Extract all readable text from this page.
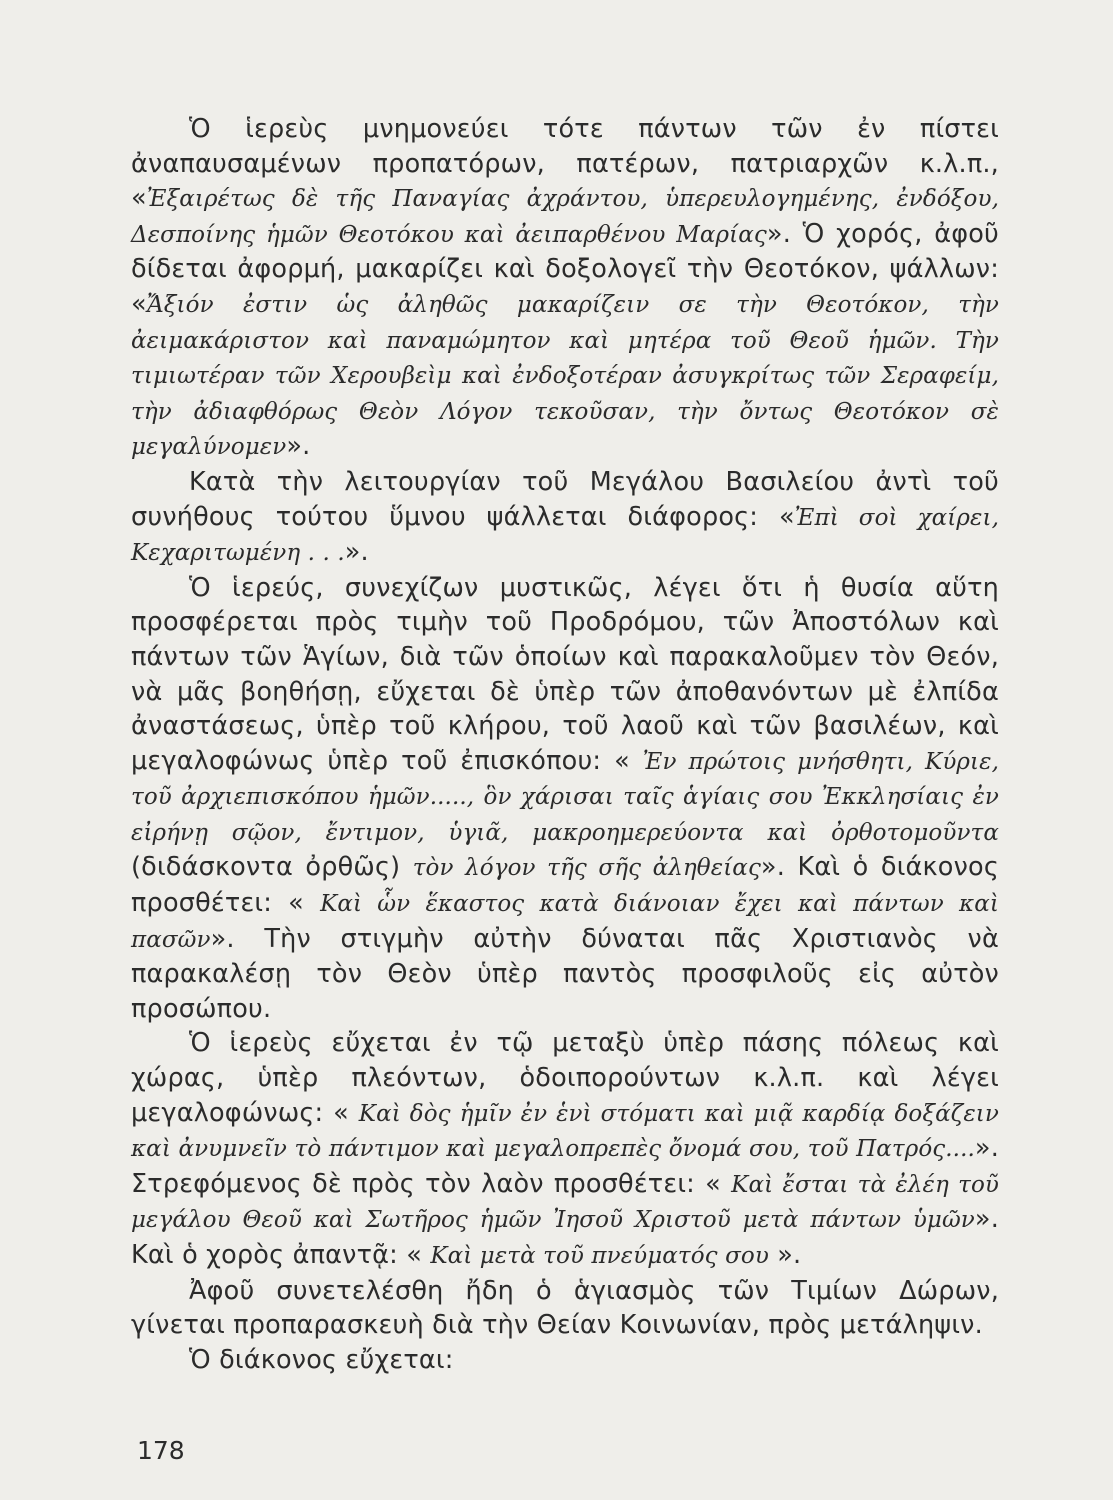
Ὁ ἱερεὺς μνημονεύει τότε πάντων τῶν ἐν πίστει ἀναπαυσαμένων προπατόρων, πατέρων, πατριαρχῶν κ.λ.π., «Ἐξαιρέτως δὲ τῆς Παναγίας ἀχράντου, ὑπερευλογημένης, ἐνδόξου, Δεσποίνης ἡμῶν Θεοτόκου καὶ ἀειπαρθένου Μαρίας». Ὁ χορός, ἀφοῦ δίδεται ἀφορμή, μακαρίζει καὶ δοξολογεῖ τὴν Θεοτόκον, ψάλλων: «Ἄξιόν ἐστιν ὡς ἀληθῶς μακαρίζειν σε τὴν Θεοτόκον, τὴν ἀειμακάριστον καὶ παναμώμητον καὶ μητέρα τοῦ Θεοῦ ἡμῶν. Τὴν τιμιωτέραν τῶν Χερουβεὶμ καὶ ἐνδοξοτέραν ἀσυγκρίτως τῶν Σεραφείμ, τὴν ἀδιαφθόρως Θεὸν Λόγον τεκοῦσαν, τὴν ὄντως Θεοτόκον σὲ μεγαλύνομεν».

Κατὰ τὴν λειτουργίαν τοῦ Μεγάλου Βασιλείου ἀντὶ τοῦ συνήθους τούτου ὕμνου ψάλλεται διάφορος: «Ἐπὶ σοὶ χαίρει, Κεχαριτωμένη . . .».

Ὁ ἱερεύς, συνεχίζων μυστικῶς, λέγει ὅτι ἡ θυσία αὕτη προσφέρεται πρὸς τιμὴν τοῦ Προδρόμου, τῶν Ἀποστόλων καὶ πάντων τῶν Ἁγίων, διὰ τῶν ὁποίων καὶ παρακαλοῦμεν τὸν Θεόν, νὰ μᾶς βοηθήσῃ, εὔχεται δὲ ὑπὲρ τῶν ἀποθανόντων μὲ ἐλπίδα ἀναστάσεως, ὑπὲρ τοῦ κλήρου, τοῦ λαοῦ καὶ τῶν βασιλέων, καὶ μεγαλοφώνως ὑπὲρ τοῦ ἐπισκόπου: « Ἐν πρώτοις μνήσθητι, Κύριε, τοῦ ἀρχιεπισκόπου ἡμῶν....., ὃν χάρισαι ταῖς ἁγίαις σου Ἐκκλησίαις ἐν εἰρήνῃ σῷον, ἔντιμον, ὑγιᾶ, μακροημερεύοντα καὶ ὀρθοτομοῦντα (διδάσκοντα ὀρθῶς) τὸν λόγον τῆς σῆς ἀληθείας». Καὶ ὁ διάκονος προσθέτει: « Καὶ ὧν ἕκαστος κατὰ διάνοιαν ἔχει καὶ πάντων καὶ πασῶν». Τὴν στιγμὴν αὐτὴν δύναται πᾶς Χριστιανὸς νὰ παρακαλέσῃ τὸν Θεὸν ὑπὲρ παντὸς προσφιλοῦς εἰς αὐτὸν προσώπου.

Ὁ ἱερεὺς εὔχεται ἐν τῷ μεταξὺ ὑπὲρ πάσης πόλεως καὶ χώρας, ὑπὲρ πλεόντων, ὁδοιπορούντων κ.λ.π. καὶ λέγει μεγαλοφώνως: « Καὶ δὸς ἡμῖν ἐν ἑνὶ στόματι καὶ μιᾷ καρδίᾳ δοξάζειν καὶ ἀνυμνεῖν τὸ πάντιμον καὶ μεγαλοπρεπὲς ὄνομά σου, τοῦ Πατρός....». Στρεφόμενος δὲ πρὸς τὸν λαὸν προσθέτει: « Καὶ ἔσται τὰ ἐλέη τοῦ μεγάλου Θεοῦ καὶ Σωτῆρος ἡμῶν Ἰησοῦ Χριστοῦ μετὰ πάντων ὑμῶν». Καὶ ὁ χορὸς ἀπαντᾷ: « Καὶ μετὰ τοῦ πνεύματός σου ».

Ἀφοῦ συνετελέσθη ἤδη ὁ ἁγιασμὸς τῶν Τιμίων Δώρων, γίνεται προπαρασκευὴ διὰ τὴν Θείαν Κοινωνίαν, πρὸς μετάληψιν.

Ὁ διάκονος εὔχεται:

178
